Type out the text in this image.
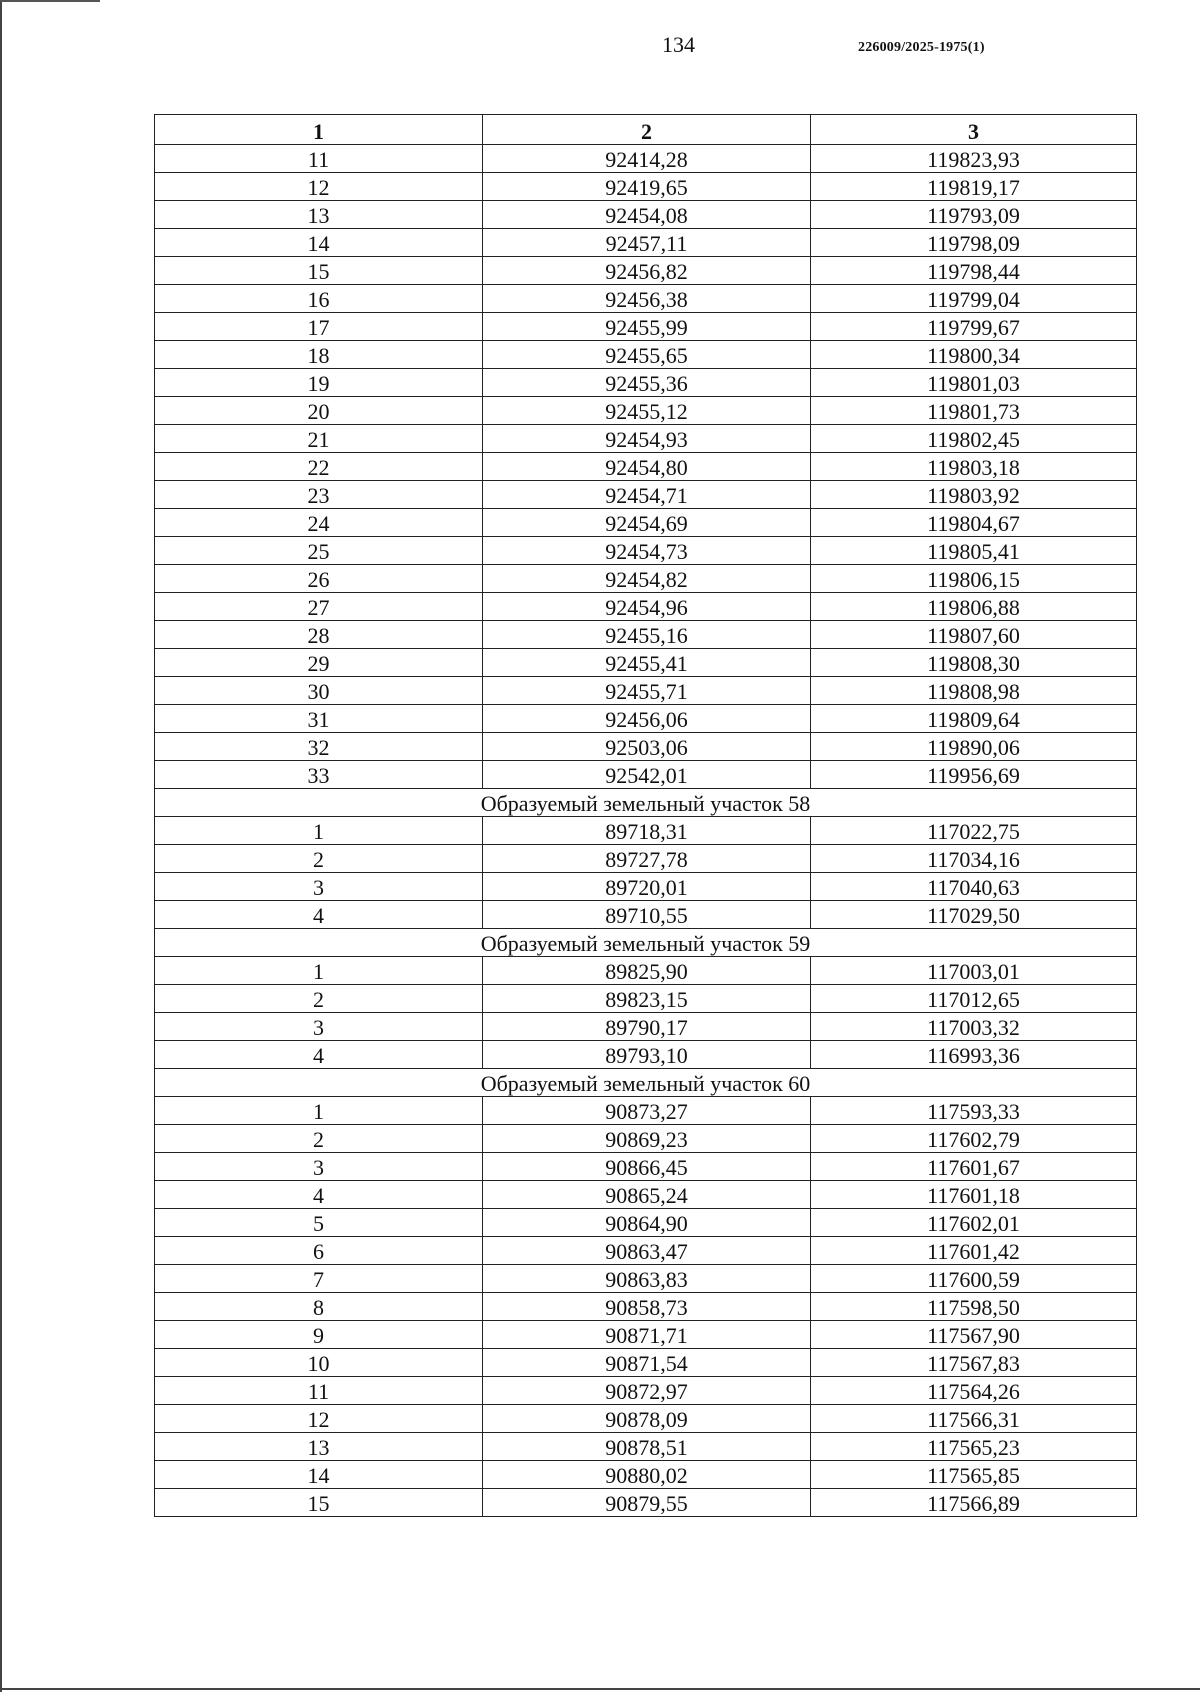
134	226009/2025-1975(1)
1	2	3
11	92414,28	119823,93
12	92419,65	119819,17
13	92454,08	119793,09
14	92457,11	119798,09
15	92456,82	119798,44
16	92456,38	119799,04
17	92455,99	119799,67
18	92455,65	119800,34
19	92455,36	119801,03
20	92455,12	119801,73
21	92454,93	119802,45
22	92454,80	119803,18
23	92454,71	119803,92
24	92454,69	119804,67
25	92454,73	119805,41
26	92454,82	119806,15
27	92454,96	119806,88
28	92455,16	119807,60
29	92455,41	119808,30
30	92455,71	119808,98
31	92456,06	119809,64
32	92503,06	119890,06
33	92542,01	119956,69
Образуемый земельный участок 58		
1	89718,31	117022,75
2	89727,78	117034,16
3	89720,01	117040,63
4	89710,55	117029,50
Образуемый земельный участок 59		
1	89825,90	117003,01
2	89823,15	117012,65
3	89790,17	117003,32
4	89793,10	116993,36
Образуемый земельный участок 60		
1	90873,27	117593,33
2	90869,23	117602,79
3	90866,45	117601,67
4	90865,24	117601,18
5	90864,90	117602,01
6	90863,47	117601,42
7	90863,83	117600,59
8	90858,73	117598,50
9	90871,71	117567,90
10	90871,54	117567,83
11	90872,97	117564,26
12	90878,09	117566,31
13	90878,51	117565,23
14	90880,02	117565,85
15	90879,55	117566,89
